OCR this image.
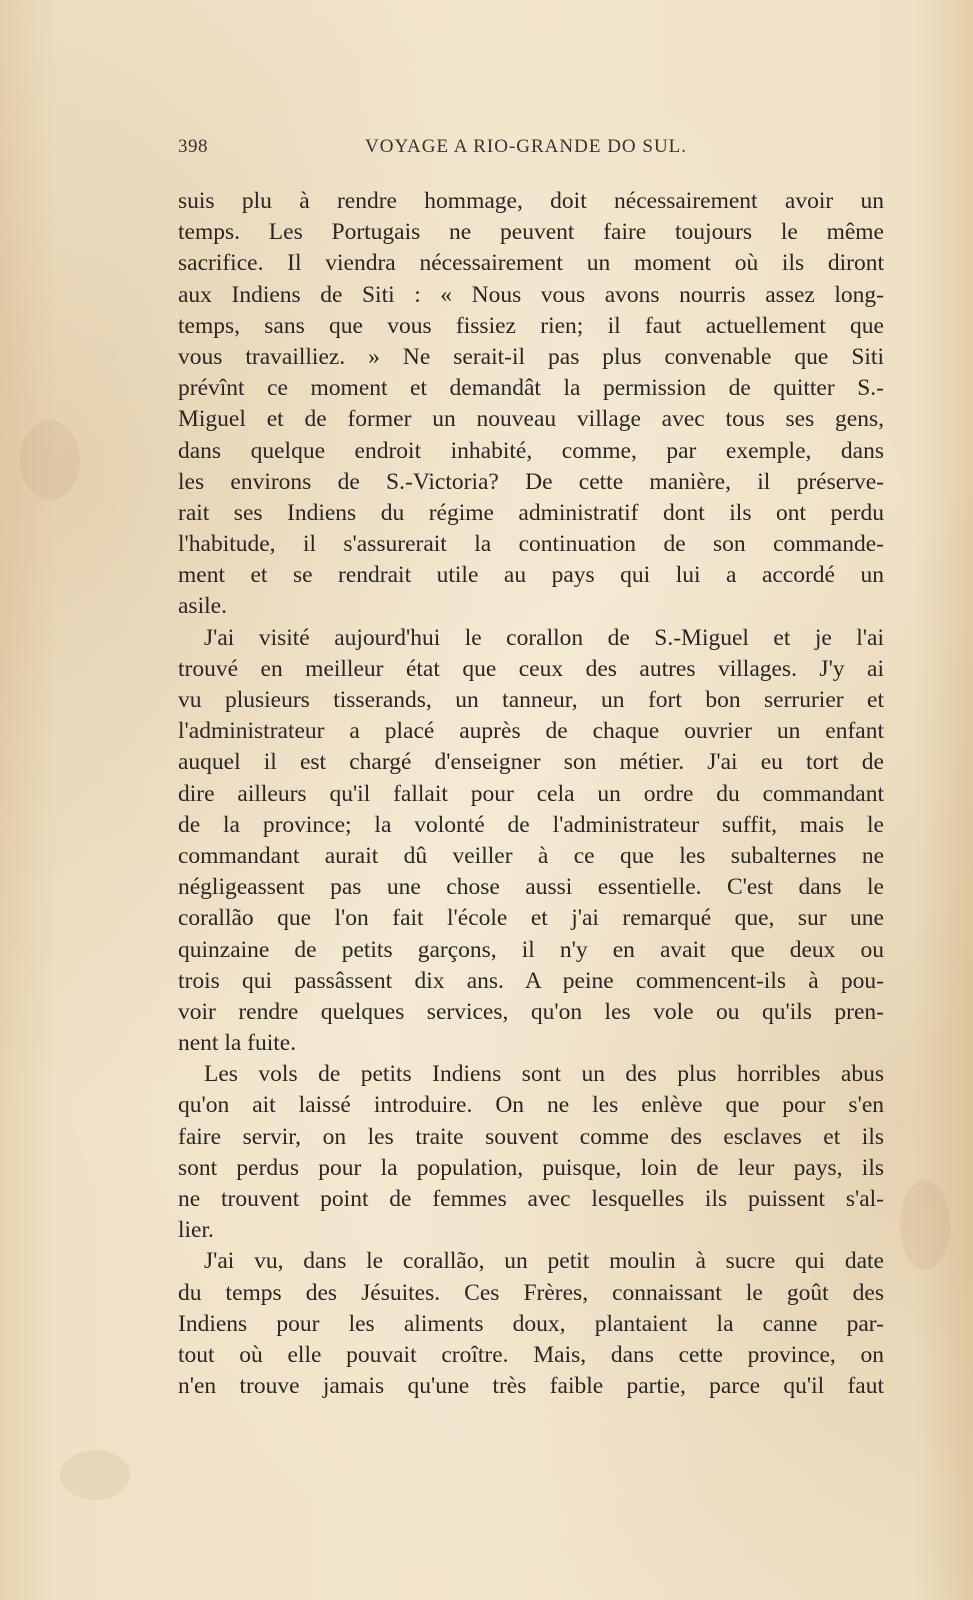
398	VOYAGE A RIO-GRANDE DO SUL.
suis plu à rendre hommage, doit nécessairement avoir un
temps. Les Portugais ne peuvent faire toujours le même
sacrifice. Il viendra nécessairement un moment où ils diront
aux Indiens de Siti : « Nous vous avons nourris assez long-
temps, sans que vous fissiez rien; il faut actuellement que
vous travailliez. » Ne serait-il pas plus convenable que Siti
prévînt ce moment et demandât la permission de quitter S.-
Miguel et de former un nouveau village avec tous ses gens,
dans quelque endroit inhabité, comme, par exemple, dans
les environs de S.-Victoria? De cette manière, il préserve-
rait ses Indiens du régime administratif dont ils ont perdu
l'habitude, il s'assurerait la continuation de son commande-
ment et se rendrait utile au pays qui lui a accordé un
asile.
J'ai visité aujourd'hui le corallon de S.-Miguel et je l'ai
trouvé en meilleur état que ceux des autres villages. J'y ai
vu plusieurs tisserands, un tanneur, un fort bon serrurier et
l'administrateur a placé auprès de chaque ouvrier un enfant
auquel il est chargé d'enseigner son métier. J'ai eu tort de
dire ailleurs qu'il fallait pour cela un ordre du commandant
de la province; la volonté de l'administrateur suffit, mais le
commandant aurait dû veiller à ce que les subalternes ne
négligeassent pas une chose aussi essentielle. C'est dans le
corallão que l'on fait l'école et j'ai remarqué que, sur une
quinzaine de petits garçons, il n'y en avait que deux ou
trois qui passâssent dix ans. A peine commencent-ils à pou-
voir rendre quelques services, qu'on les vole ou qu'ils pren-
nent la fuite.
Les vols de petits Indiens sont un des plus horribles abus
qu'on ait laissé introduire. On ne les enlève que pour s'en
faire servir, on les traite souvent comme des esclaves et ils
sont perdus pour la population, puisque, loin de leur pays, ils
ne trouvent point de femmes avec lesquelles ils puissent s'al-
lier.
J'ai vu, dans le corallão, un petit moulin à sucre qui date
du temps des Jésuites. Ces Frères, connaissant le goût des
Indiens pour les aliments doux, plantaient la canne par-
tout où elle pouvait croître. Mais, dans cette province, on
n'en trouve jamais qu'une très faible partie, parce qu'il faut
